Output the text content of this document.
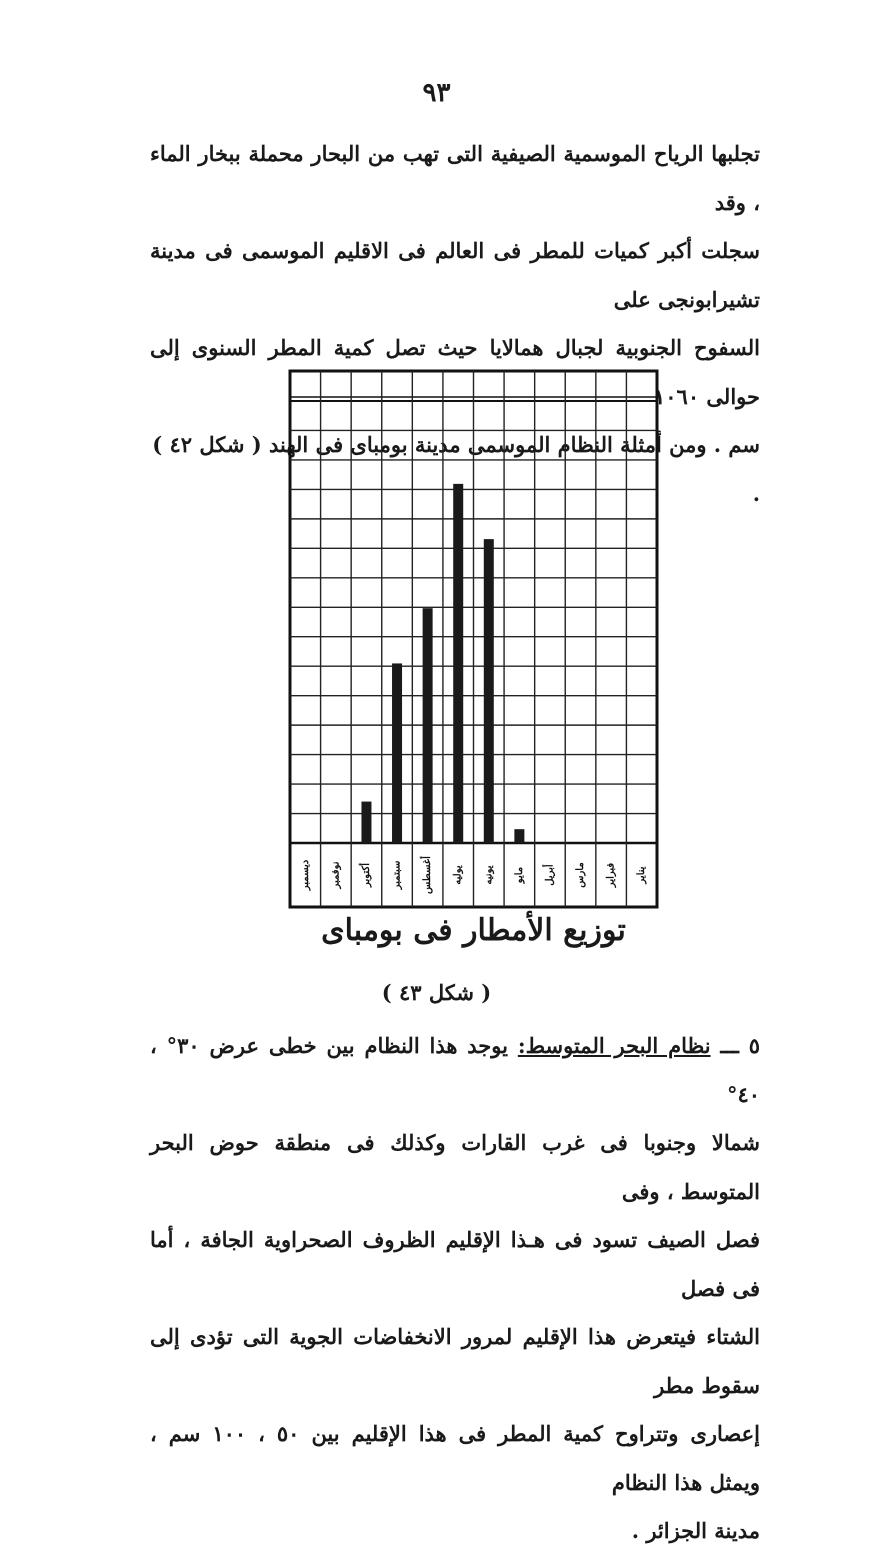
٩٣

تجلبها الرياح الموسمية الصيفية التى تهب من البحار محملة ببخار الماء ، وقد

سجلت أكبر كميات للمطر فى العالم فى الاقليم الموسمى فى مدينة تشيرابونجى على

السفوح الجنوبية لجبال همالايا حيث تصل كمية المطر السنوى إلى حوالى ١٠٦٠

سم . ومن أمثلة النظام الموسمى مدينة بومباى فى الهند ( شكل ٤٢ ) .

ديسمبر نوفمبر أكتوبر سبتمبر أغسطس يوليه يونيه مايو أبريل مارس فبراير يناير
توزيع الأمطار فى بومباى
( شكل ٤٣ )

٥ ـــ نظام البحر المتوسط: يوجد هذا النظام بين خطى عرض ٣٠° ، ٤٠°

شمالا وجنوبا فى غرب القارات وكذلك فى منطقة حوض البحر المتوسط ، وفى

فصل الصيف تسود فى هـذا الإقليم الظروف الصحراوية الجافة ، أما فى فصل

الشتاء فيتعرض هذا الإقليم لمرور الانخفاضات الجوية التى تؤدى إلى سقوط مطر

إعصارى وتتراوح كمية المطر فى هذا الإقليم بين ٥٠ ، ١٠٠ سم ، ويمثل هذا النظام

مدينة الجزائر .
